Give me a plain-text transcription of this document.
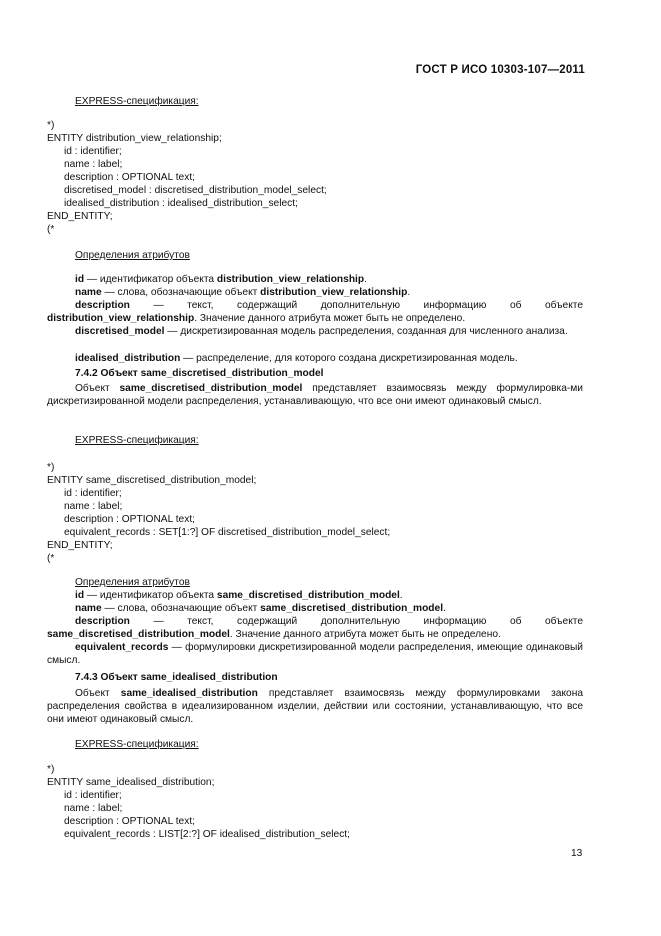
ГОСТ Р ИСО 10303-107—2011
EXPRESS-спецификация:
*)
ENTITY distribution_view_relationship;
id : identifier;
name : label;
description : OPTIONAL text;
discretised_model : discretised_distribution_model_select;
idealised_distribution : idealised_distribution_select;
END_ENTITY;
(*
Определения атрибутов
id — идентификатор объекта distribution_view_relationship.
name — слова, обозначающие объект distribution_view_relationship.
description — текст, содержащий дополнительную информацию об объекте distribution_view_relationship. Значение данного атрибута может быть не определено.
discretised_model — дискретизированная модель распределения, созданная для численного анализа.
idealised_distribution — распределение, для которого создана дискретизированная модель.
7.4.2 Объект same_discretised_distribution_model
Объект same_discretised_distribution_model представляет взаимосвязь между формулировка-ми дискретизированной модели распределения, устанавливающую, что все они имеют одинаковый смысл.
EXPRESS-спецификация:
*)
ENTITY same_discretised_distribution_model;
id : identifier;
name : label;
description : OPTIONAL text;
equivalent_records : SET[1:?] OF discretised_distribution_model_select;
END_ENTITY;
(*
Определения атрибутов
id — идентификатор объекта same_discretised_distribution_model.
name — слова, обозначающие объект same_discretised_distribution_model.
description — текст, содержащий дополнительную информацию об объекте same_discretised_distribution_model. Значение данного атрибута может быть не определено.
equivalent_records — формулировки дискретизированной модели распределения, имеющие одинаковый смысл.
7.4.3 Объект same_idealised_distribution
Объект same_idealised_distribution представляет взаимосвязь между формулировками закона распределения свойства в идеализированном изделии, действии или состоянии, устанавливающую, что все они имеют одинаковый смысл.
EXPRESS-спецификация:
*)
ENTITY same_idealised_distribution;
id : identifier;
name : label;
description : OPTIONAL text;
equivalent_records : LIST[2:?] OF idealised_distribution_select;
13
